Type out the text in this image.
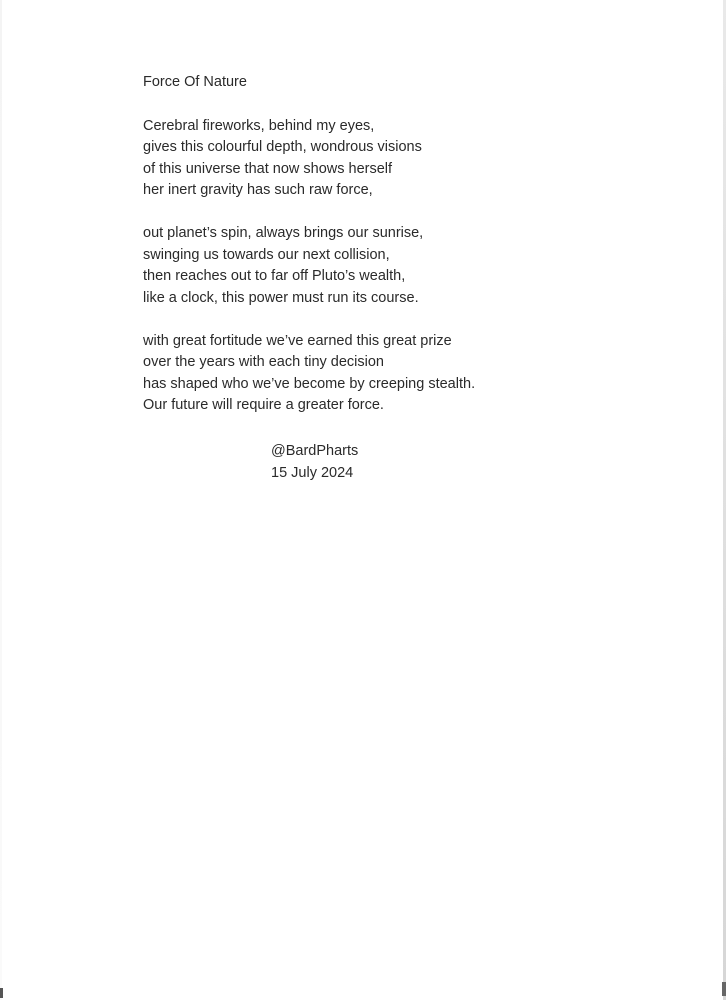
Force Of Nature
Cerebral fireworks, behind my eyes,
gives this colourful depth, wondrous visions
of this universe that now shows herself
her inert gravity has such raw force,
out planet’s spin, always brings our sunrise,
swinging us towards our next collision,
then reaches out to far off Pluto’s wealth,
like a clock, this power must run its course.
with great fortitude we’ve earned this great prize
over the years with each tiny decision
has shaped who we’ve become by creeping stealth.
Our future will require a greater force.
@BardPharts
15 July 2024
